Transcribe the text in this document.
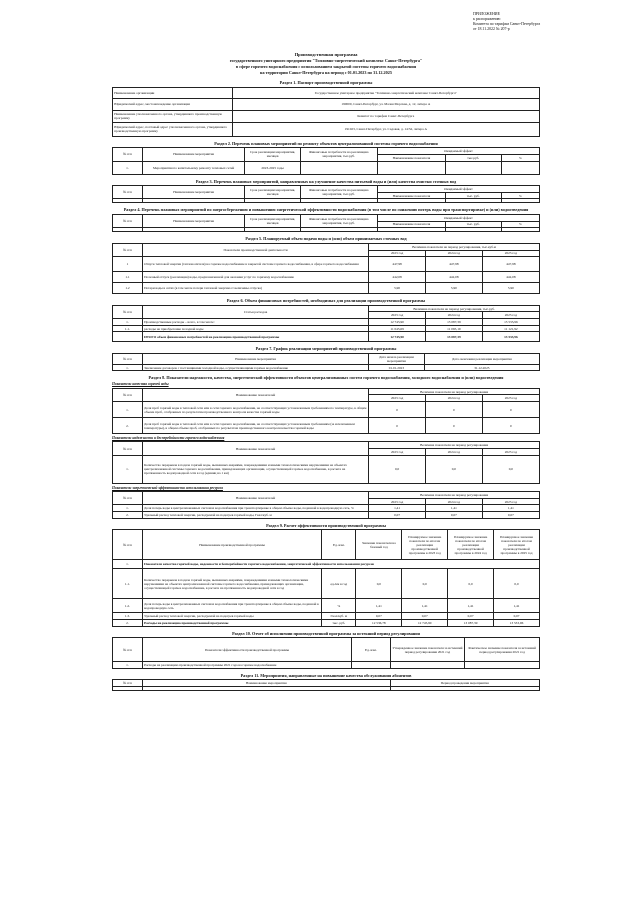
ПРИЛОЖЕНИЕ
к распоряжению
Комитета по тарифам Санкт-Петербурга
от 18.11.2022 № 207-р
Производственная программа
государственного унитарного предприятия "Топливно-энергетический комплекс Санкт-Петербурга"
в сфере горячего водоснабжения с использованием закрытой системы горячего водоснабжения
на территории Санкт-Петербурга на период с 01.01.2023 по 31.12.2025
Раздел 1. Паспорт производственной программы
Наименование организации	Государственное унитарное предприятие "Топливно-энергетический комплекс Санкт-Петербурга"
Юридический адрес, местонахождение организации	190000, Санкт-Петербург, ул. Малая Морская, д. 12, литера А
Наименование уполномоченного органа, утвердившего производственную программу	Комитет по тарифам Санкт-Петербурга
Юридический адрес, почтовый адрес уполномоченного органа, утвердившего производственную программу	191023, Санкт-Петербург, ул. Садовая, д. 14/52, литера А
Раздел 2. Перечень плановых мероприятий по ремонту объектов централизованной системы горячего водоснабжения
№ п/п	Наименование мероприятия	Срок реализации мероприятия, месяцев	Финансовые потребности на реализацию мероприятия, тыс.руб.	Ожидаемый эффект		
				Наименование показателя	тыс.руб.	%
1.	Мероприятия по капитальному ремонту тепловых сетей	2023-2025 годы				
Раздел 3. Перечень плановых мероприятий, направленных на улучшение качества питьевой воды и (или) качества очистки сточных вод
№ п/п	Наименование мероприятия	Срок реализации мероприятия, месяцев	Финансовые потребности на реализацию мероприятия, тыс.руб.	Ожидаемый эффект		
				Наименование показателя	тыс. руб.	%

Раздел 4. Перечень плановых мероприятий по энергосбережению и повышению энергетической эффективности водоснабжения (в том числе по снижению потерь воды при транспортировке) и (или) водоотведения
№ п/п	Наименование мероприятия	Срок реализации мероприятия, месяцев	Финансовые потребности на реализацию мероприятия, тыс.руб.	Ожидаемый эффект		
				Наименование показателя	тыс. руб.	%

Раздел 5. Планируемый объем подачи воды и (или) объем принимаемых сточных вод
№ п/п	Показатели производственной деятельности	Величина показателя на период регулирования, тыс.куб.м		
		2023 год	2024 год	2025 год
1	Отпуск тепловой энергии (теплоносителя) на горячее водоснабжение в закрытой системе горячего водоснабжения, в сфере горячего водоснабжения	447,98	447,98	447,98
1.1	Полезный отпуск (реализация) воды, предназначенной для оказания услуг по горячему водоснабжению	442,08	442,08	442,08
1.2	Потери воды в сетях (в том числе потери тепловой энергии от величины отпуска)	5,90	5,90	5,90
Раздел 6. Объем финансовых потребностей, необходимых для реализации производственной программы
№ п/п	Статья расходов	Величина показателя на период регулирования, тыс.руб.		
		2023 год	2024 год	2025 год
1.	Производственные расходы – всего, в том числе:	12 745,90	13 087,39	13 533,96
1.1.	расходы на приобретение холодной воды	11 045,69	11 065,19	11 121,92
	ИТОГО объем финансовых потребностей на реализацию производственной программы	12 745,90	13 087,39	13 533,96
Раздел 7. График реализации мероприятий производственной программы
№ п/п	Наименование мероприятия	Дата начала реализации мероприятия	Дата окончания реализации мероприятия
1.	Заключение договоров с поставщиками холодной воды, осуществляющими горячее водоснабжение	01.01.2023	31.12.2025
Раздел 8. Показатели надежности, качества, энергетической эффективности объектов централизованных систем горячего водоснабжения, холодного водоснабжения и (или) водоотведения
Показатели качества горячей воды
№ п/п	Наименование показателей	Величина показателя на период регулирования		
		2023 год	2024 год	2025 год
1.	Доля проб горячей воды в тепловой сети или в сети горячего водоснабжения, не соответствующих установленным требованиям по температуре, в общем объеме проб, отобранных по результатам производственного контроля качества горячей воды	0	0	0
2.	Доля проб горячей воды в тепловой сети или в сети горячего водоснабжения, не соответствующих установленным требованиям (за исключением температуры), в общем объеме проб, отобранных по результатам производственного контроля качества горячей воды	0	0	0
Показатели надежности и бесперебойности горячего водоснабжения
№ п/п	Наименование показателей	Величина показателя на период регулирования		
		2023 год	2024 год	2025 год
1.	Количество перерывов в подаче горячей воды, вызванных авариями, повреждениями и иными технологическими нарушениями на объектах централизованной системы горячего водоснабжения, принадлежащих организации, осуществляющей горячее водоснабжение, в расчете на протяженность водопроводной сети в год (единиц на 1 км)	0,0	0,0	0,0
Показатели энергетической эффективности использования ресурсов
№ п/п	Наименование показателей	Величина показателя на период регулирования		
		2023 год	2024 год	2025 год
1.	Доля потерь воды в централизованных системах водоснабжения при транспортировке в общем объеме воды, поданной в водопроводную сеть, %	1,41	1,41	1,41
2.	Удельный расход тепловой энергии, расходуемой на подогрев горячей воды, Гкал/куб. м	0,07	0,07	0,07
Раздел 9. Расчет эффективности производственной программы
№ п/п	Наименование производственной программы	Ед. изм.	Значение показателя на базовый год	Планируемое значение показателя по итогам реализации производственной программы в 2023 год	Планируемое значение показателя по итогам реализации производственной программы в 2024 год	Планируемое значение показателя по итогам реализации производственной программы в 2025 год
1.	Показатели качества горячей воды, надежности и бесперебойности горячего водоснабжения, энергетической эффективности использования ресурсов					
1.1.	Количество перерывов в подаче горячей воды, вызванных авариями, повреждениями и иными технологическими нарушениями на объектах централизованной системы горячего водоснабжения, принадлежащих организации, осуществляющей горячее водоснабжение, в расчете на протяженность водопроводной сети в год	ед./км в год	0,0	0,0	0,0	0,0
1.2.	Доля потерь воды в централизованных системах водоснабжения при транспортировке в общем объеме воды, поданной в водопроводную сеть	%	1,41	1,41	1,41	1,41
1.3.	Удельный расход тепловой энергии, расходуемой на подогрев горячей воды	Гкал/куб. м	0,07	0,07	0,07	0,07
2.	Расходы на реализацию производственной программы	тыс. руб.	12 536,78	12 745,90	13 087,39	13 533,96
Раздел 10. Отчет об исполнении производственной программы за истекший период регулирования
№ п/п	Показатели эффективности производственной программы	Ед. изм.	Утвержденное значение показателя за истекший период регулирования 2021 год	Фактическое значение показателя за истекший период регулирования 2021 год
1.	Расходы на реализацию производственной программы 2021 года на горячее водоснабжение			
Раздел 11. Мероприятия, направленные на повышение качества обслуживания абонентов
№ п/п	Наименование мероприятия	Период проведения мероприятия
